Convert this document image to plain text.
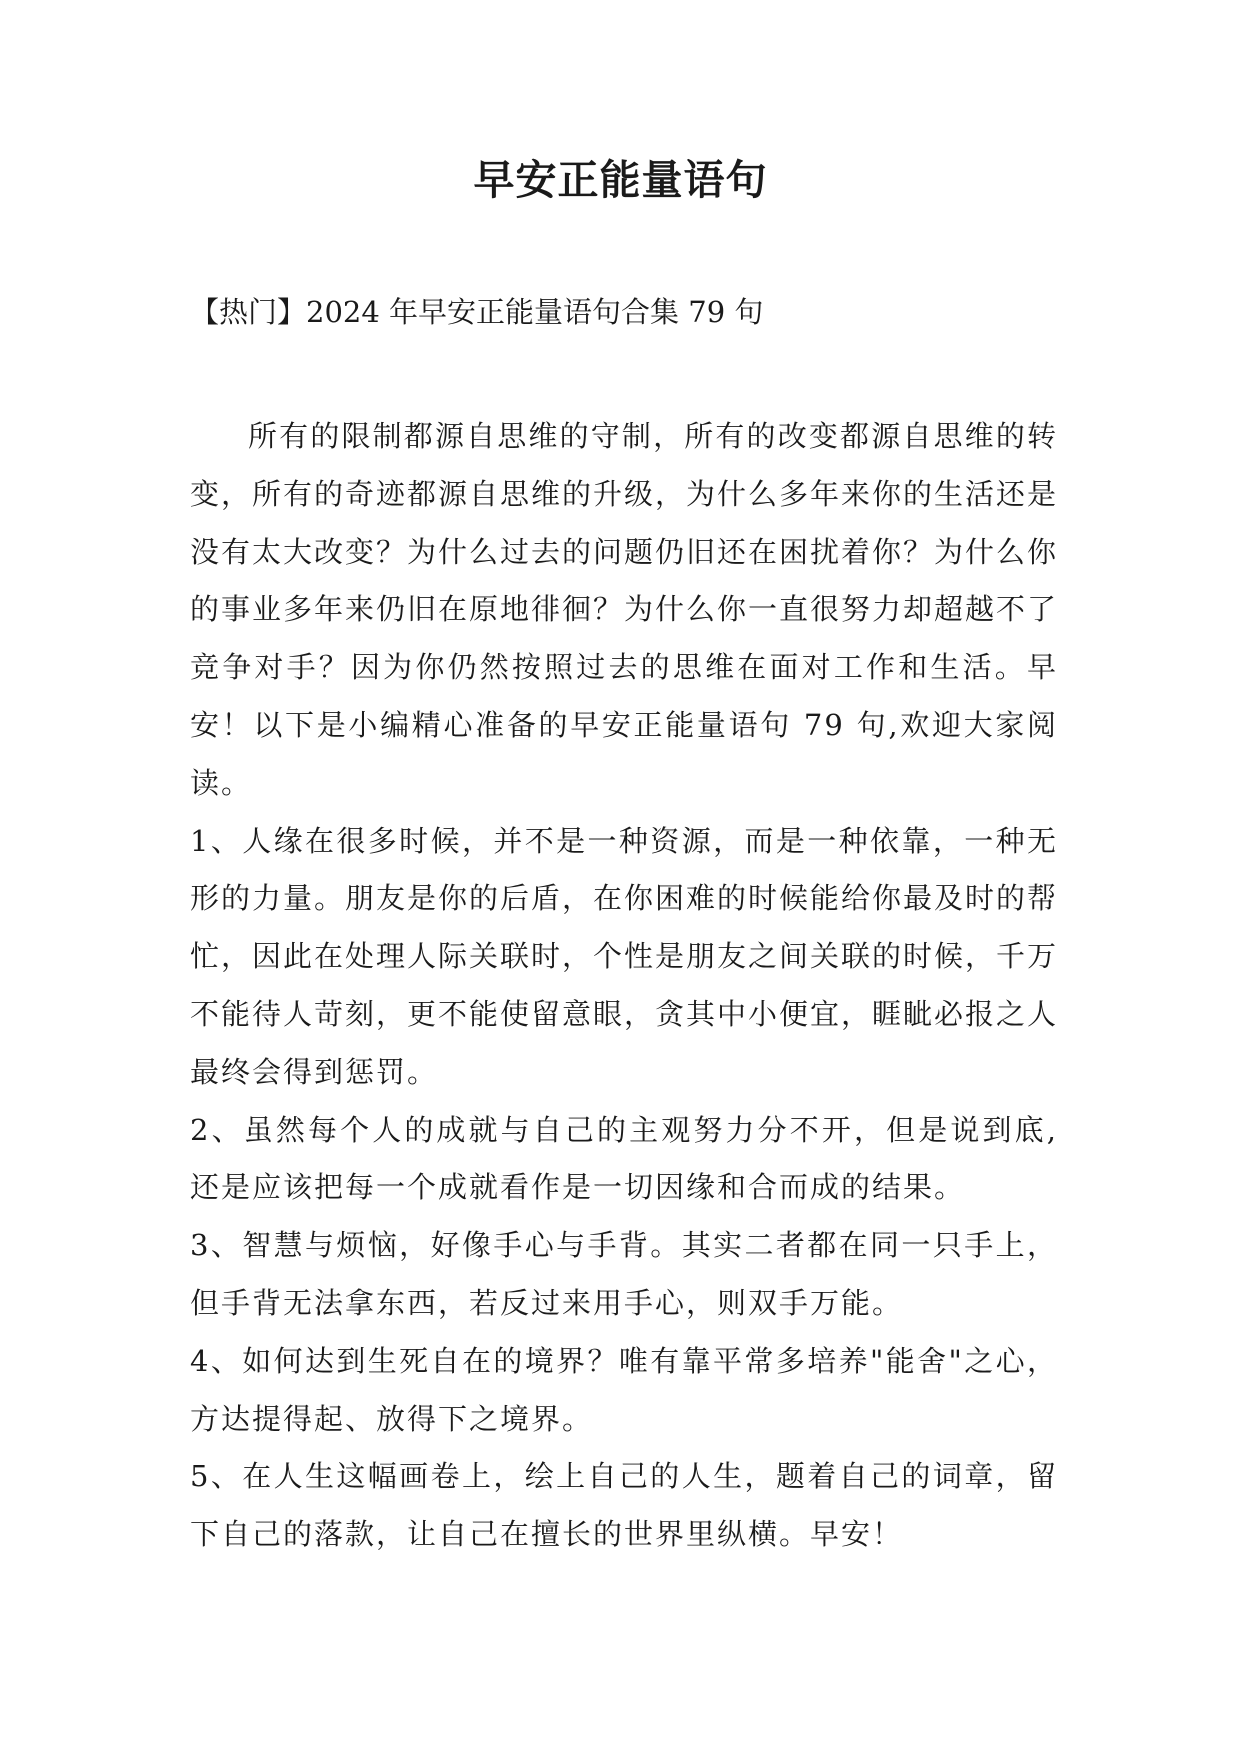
早安正能量语句
【热门】2024 年早安正能量语句合集 79 句

所有的限制都源自思维的守制，所有的改变都源自思维的转变，所有的奇迹都源自思维的升级，为什么多年来你的生活还是没有太大改变？为什么过去的问题仍旧还在困扰着你？为什么你的事业多年来仍旧在原地徘徊？为什么你一直很努力却超越不了竞争对手？因为你仍然按照过去的思维在面对工作和生活。早安！以下是小编精心准备的早安正能量语句 79 句,欢迎大家阅读。

1、人缘在很多时候，并不是一种资源，而是一种依靠，一种无形的力量。朋友是你的后盾，在你困难的时候能给你最及时的帮忙，因此在处理人际关联时，个性是朋友之间关联的时候，千万不能待人苛刻，更不能使留意眼，贪其中小便宜，睚眦必报之人最终会得到惩罚。

2、虽然每个人的成就与自己的主观努力分不开，但是说到底,还是应该把每一个成就看作是一切因缘和合而成的结果。

3、智慧与烦恼，好像手心与手背。其实二者都在同一只手上，但手背无法拿东西，若反过来用手心，则双手万能。

4、如何达到生死自在的境界？唯有靠平常多培养"能舍"之心，方达提得起、放得下之境界。

5、在人生这幅画卷上，绘上自己的人生，题着自己的词章，留下自己的落款，让自己在擅长的世界里纵横。早安！
